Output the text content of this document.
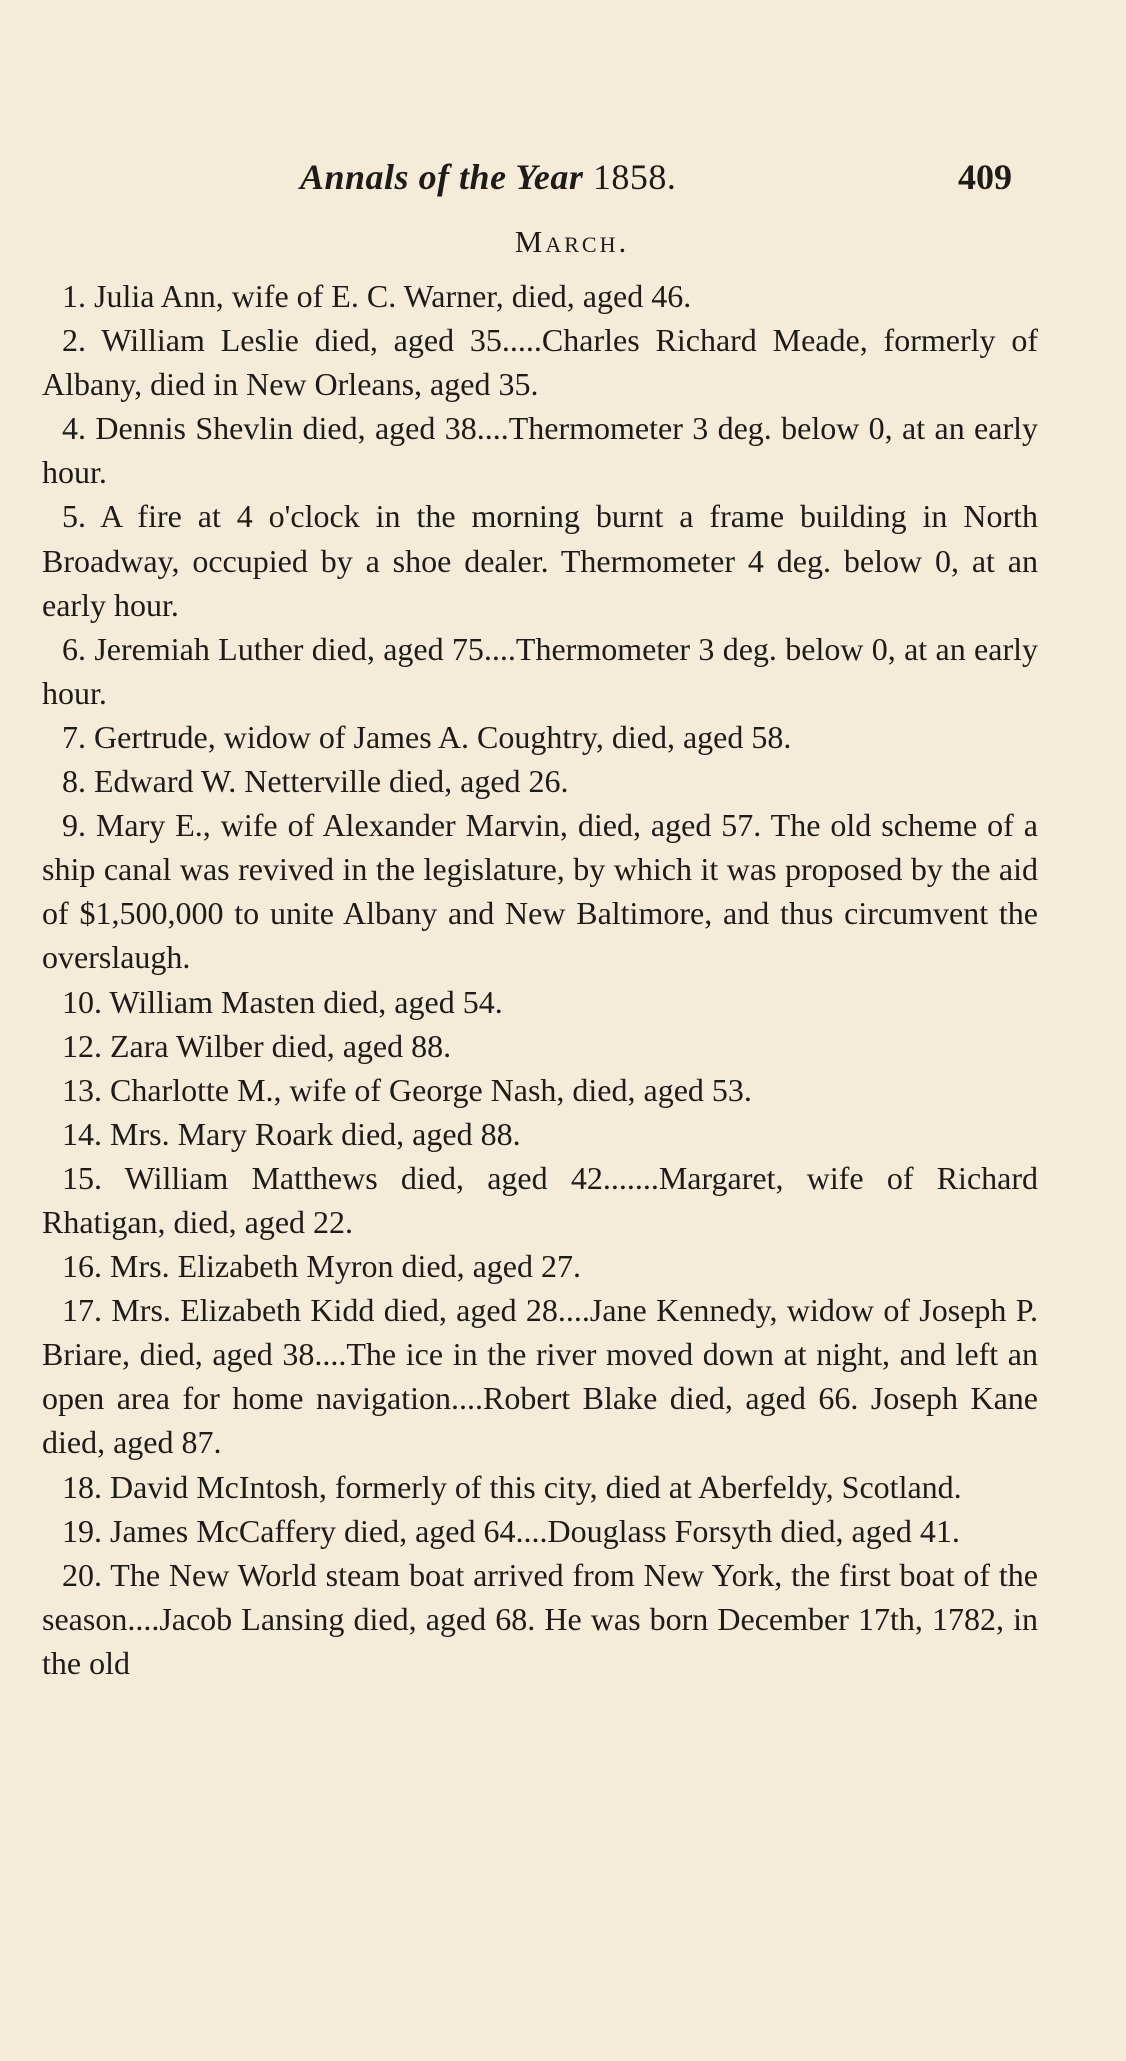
Annals of the Year 1858.	409
March.

1. Julia Ann, wife of E. C. Warner, died, aged 46.

2. William Leslie died, aged 35.....Charles Richard Meade, formerly of Albany, died in New Orleans, aged 35.

4. Dennis Shevlin died, aged 38....Thermometer 3 deg. below 0, at an early hour.

5. A fire at 4 o'clock in the morning burnt a frame building in North Broadway, occupied by a shoe dealer. Thermometer 4 deg. below 0, at an early hour.

6. Jeremiah Luther died, aged 75....Thermometer 3 deg. below 0, at an early hour.

7. Gertrude, widow of James A. Coughtry, died, aged 58.

8. Edward W. Netterville died, aged 26.

9. Mary E., wife of Alexander Marvin, died, aged 57. The old scheme of a ship canal was revived in the legislature, by which it was proposed by the aid of $1,500,000 to unite Albany and New Baltimore, and thus circumvent the overslaugh.

10. William Masten died, aged 54.

12. Zara Wilber died, aged 88.

13. Charlotte M., wife of George Nash, died, aged 53.

14. Mrs. Mary Roark died, aged 88.

15. William Matthews died, aged 42.......Margaret, wife of Richard Rhatigan, died, aged 22.

16. Mrs. Elizabeth Myron died, aged 27.

17. Mrs. Elizabeth Kidd died, aged 28....Jane Kennedy, widow of Joseph P. Briare, died, aged 38....The ice in the river moved down at night, and left an open area for home navigation....Robert Blake died, aged 66. Joseph Kane died, aged 87.

18. David McIntosh, formerly of this city, died at Aberfeldy, Scotland.

19. James McCaffery died, aged 64....Douglass Forsyth died, aged 41.

20. The New World steam boat arrived from New York, the first boat of the season....Jacob Lansing died, aged 68. He was born December 17th, 1782, in the old
